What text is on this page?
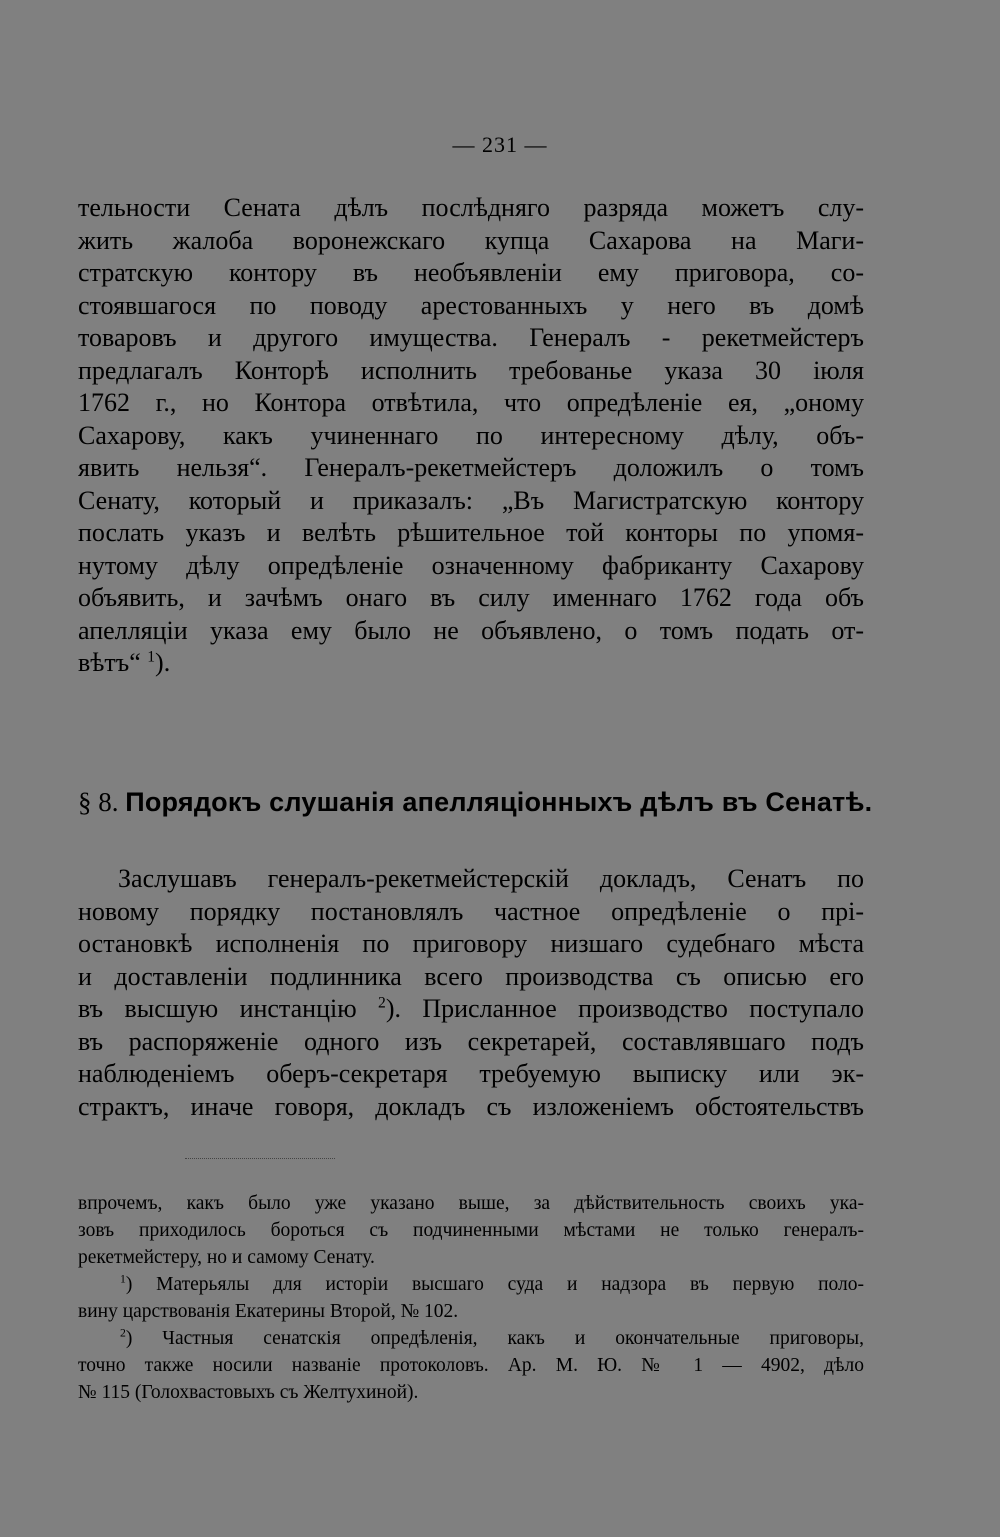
— 231 —
тельности Сената дѣлъ послѣдняго разряда можетъ слу-
жить жалоба воронежскаго купца Сахарова на Маги-
стратскую контору въ необъявленіи ему приговора, со-
стоявшагося по поводу арестованныхъ у него въ домѣ
товаровъ и другого имущества. Генералъ - рекетмейстеръ
предлагалъ Конторѣ исполнить требованье указа 30 іюля
1762 г., но Контора отвѣтила, что опредѣленіе ея, „оному
Сахарову, какъ учиненнаго по интересному дѣлу, объ-
явить нельзя“. Генералъ-рекетмейстеръ доложилъ о томъ
Сенату, который и приказалъ: „Въ Магистратскую контору
послать указъ и велѣть рѣшительное той конторы по упомя-
нутому дѣлу опредѣленіе означенному фабриканту Сахарову
объявить, и зачѣмъ онаго въ силу именнаго 1762 года объ
апелляціи указа ему было не объявлено, о томъ подать от-
вѣтъ“ $^1$).
§ 8. Порядокъ слушанія апелляціонныхъ дѣлъ въ Сенатѣ.
Заслушавъ генералъ-рекетмейстерскій докладъ, Сенатъ по
новому порядку постановлялъ частное опредѣленіе о прі-
остановкѣ исполненія по приговору низшаго судебнаго мѣста
и доставленіи подлинника всего производства съ описью его
въ высшую инстанцію $^2$). Присланное производство поступало
въ распоряженіе одного изъ секретарей, составлявшаго подъ
наблюденіемъ оберъ-секретаря требуемую выписку или эк-
страктъ, иначе говоря, докладъ съ изложеніемъ обстоятельствъ
впрочемъ, какъ было уже указано выше, за дѣйствительность своихъ ука-
зовъ приходилось бороться съ подчиненными мѣстами не только генералъ-
рекетмейстеру, но и самому Сенату.
$^1$) Матерьялы для исторіи высшаго суда и надзора въ первую поло-
вину царствованія Екатерины Второй, № 102.
$^2$) Частныя сенатскія опредѣленія, какъ и окончательные приговоры,
точно также носили названіе протоколовъ. Ар. М. Ю. № 1 — 4902, дѣло
№ 115 (Голохвастовыхъ съ Желтухиной).
